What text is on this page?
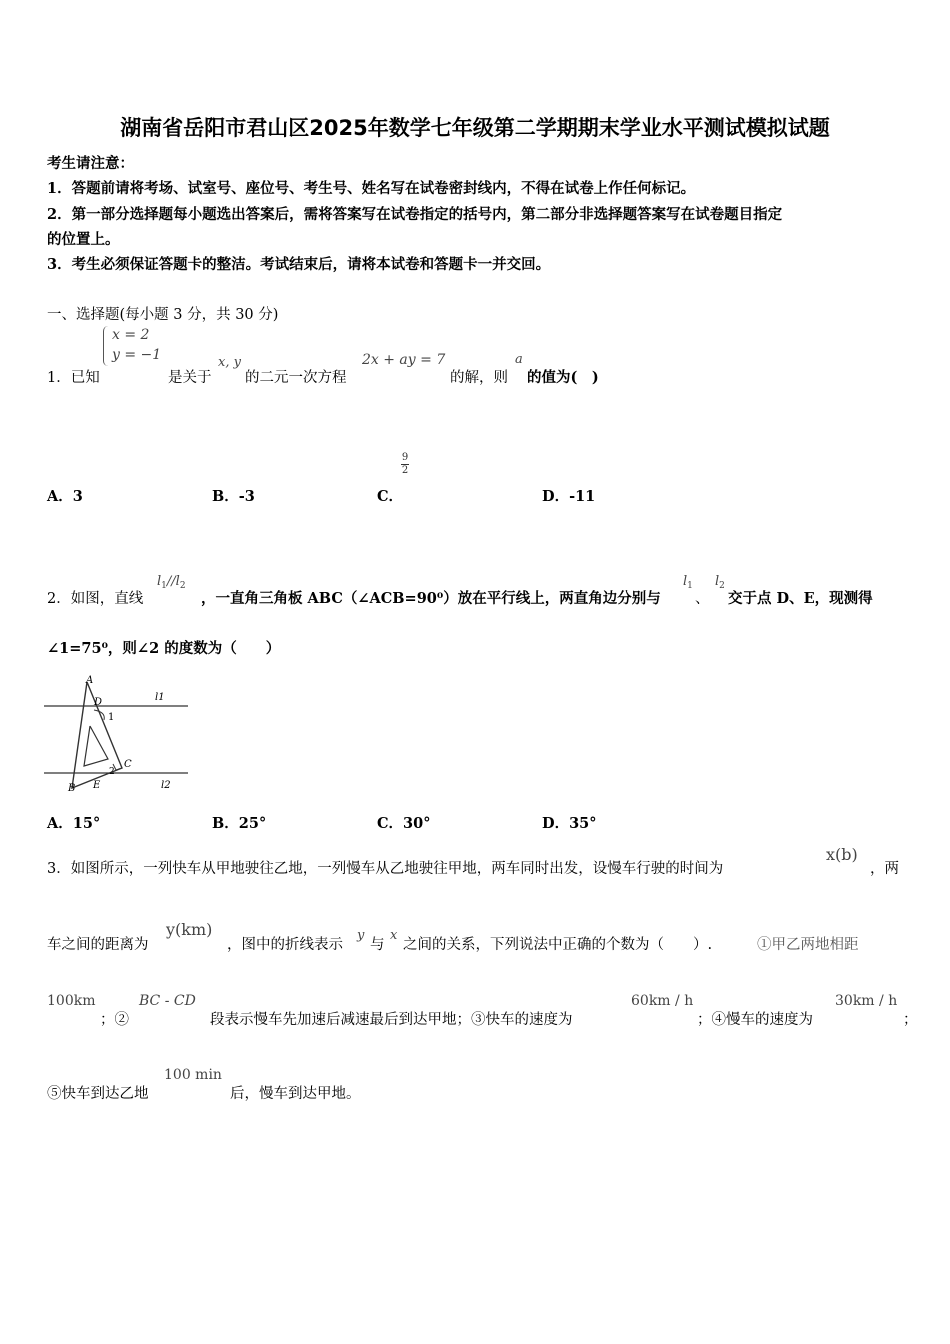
湖南省岳阳市君山区2025年数学七年级第二学期期末学业水平测试模拟试题
考生请注意：
1．答题前请将考场、试室号、座位号、考生号、姓名写在试卷密封线内，不得在试卷上作任何标记。
2．第一部分选择题每小题选出答案后，需将答案写在试卷指定的括号内，第二部分非选择题答案写在试卷题目指定
的位置上。
3．考生必须保证答题卡的整洁。考试结束后，请将本试卷和答题卡一并交回。
一、选择题(每小题 3 分，共 30 分)
x = 2
y = −1	x, y	2x + ay = 7	a
1．已知	是关于 的二元一次方程	的解，则 的值为(　)
A．3	B．-3	C．
$\frac{9}{2}$
D．-11
2．如图，直线
$l_1//l_2$
，一直角三角板 ABC（∠ACB=90⁰）放在平行线上，两直角边分别与
$l_1$
、
$l_2$
交于点 D、E，现测得
∠1=75⁰，则∠2 的度数为（　　）
A
D
1
l1
C
2
B E	l2
A．15°	B．25°	C．30°	D．35°
3．如图所示，一列快车从甲地驶往乙地，一列慢车从乙地驶往甲地，两车同时出发，设慢车行驶的时间为
x(b)
，两
车之间的距离为
y(km)
，图中的折线表示
y
与
x
之间的关系，下列说法中正确的个数为（　　）.	①甲乙两地相距
100km
；②
BC - CD
段表示慢车先加速后减速最后到达甲地；③快车的速度为
60km / h
；④慢车的速度为
30km / h
；
⑤快车到达乙地
100 min
后，慢车到达甲地。
